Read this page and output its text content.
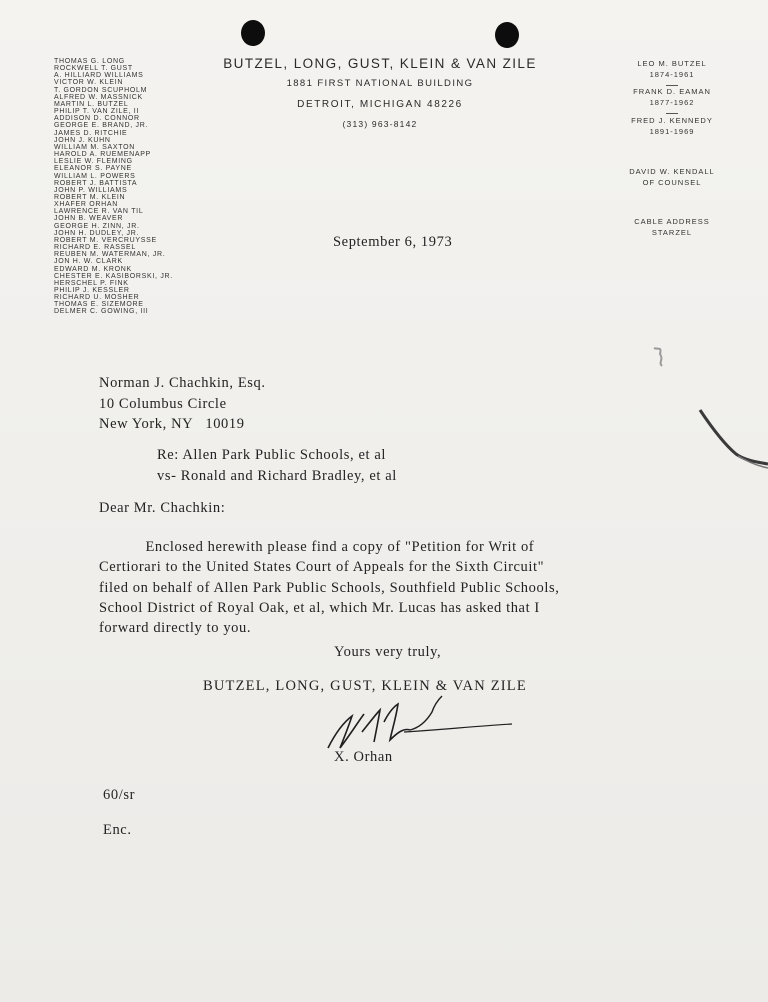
THOMAS G. LONG
ROCKWELL T. GUST
A. HILLIARD WILLIAMS
VICTOR W. KLEIN
T. GORDON SCUPHOLM
ALFRED W. MASSNICK
MARTIN L. BUTZEL
PHILIP T. VAN ZILE, II
ADDISON D. CONNOR
GEORGE E. BRAND, JR.
JAMES D. RITCHIE
JOHN J. KUHN
WILLIAM M. SAXTON
HAROLD A. RUEMENAPP
LESLIE W. FLEMING
ELEANOR S. PAYNE
WILLIAM L. POWERS
ROBERT J. BATTISTA
JOHN P. WILLIAMS
ROBERT M. KLEIN
XHAFER ORHAN
LAWRENCE R. VAN TIL
JOHN B. WEAVER
GEORGE H. ZINN, JR.
JOHN H. DUDLEY, JR.
ROBERT M. VERCRUYSSE
RICHARD E. RASSEL
REUBEN M. WATERMAN, JR.
JON H. W. CLARK
EDWARD M. KRONK
CHESTER E. KASIBORSKI, JR.
HERSCHEL P. FINK
PHILIP J. KESSLER
RICHARD U. MOSHER
THOMAS E. SIZEMORE
DELMER C. GOWING, III
BUTZEL, LONG, GUST, KLEIN & VAN ZILE
1881 FIRST NATIONAL BUILDING
DETROIT, MICHIGAN 48226
(313) 963-8142
LEO M. BUTZEL
1874-1961
FRANK D. EAMAN
1877-1962
FRED J. KENNEDY
1891-1969
DAVID W. KENDALL
OF COUNSEL
CABLE ADDRESS
STARZEL
September 6, 1973
Norman J. Chachkin, Esq.
10 Columbus Circle
New York, NY   10019
Re: Allen Park Public Schools, et al
vs- Ronald and Richard Bradley, et al
Dear Mr. Chachkin:
Enclosed herewith please find a copy of "Petition for Writ of
Certiorari to the United States Court of Appeals for the Sixth Circuit"
filed on behalf of Allen Park Public Schools, Southfield Public Schools,
School District of Royal Oak, et al, which Mr. Lucas has asked that I
forward directly to you.
Yours very truly,
BUTZEL, LONG, GUST, KLEIN & VAN ZILE
X. Orhan
60/sr
Enc.
